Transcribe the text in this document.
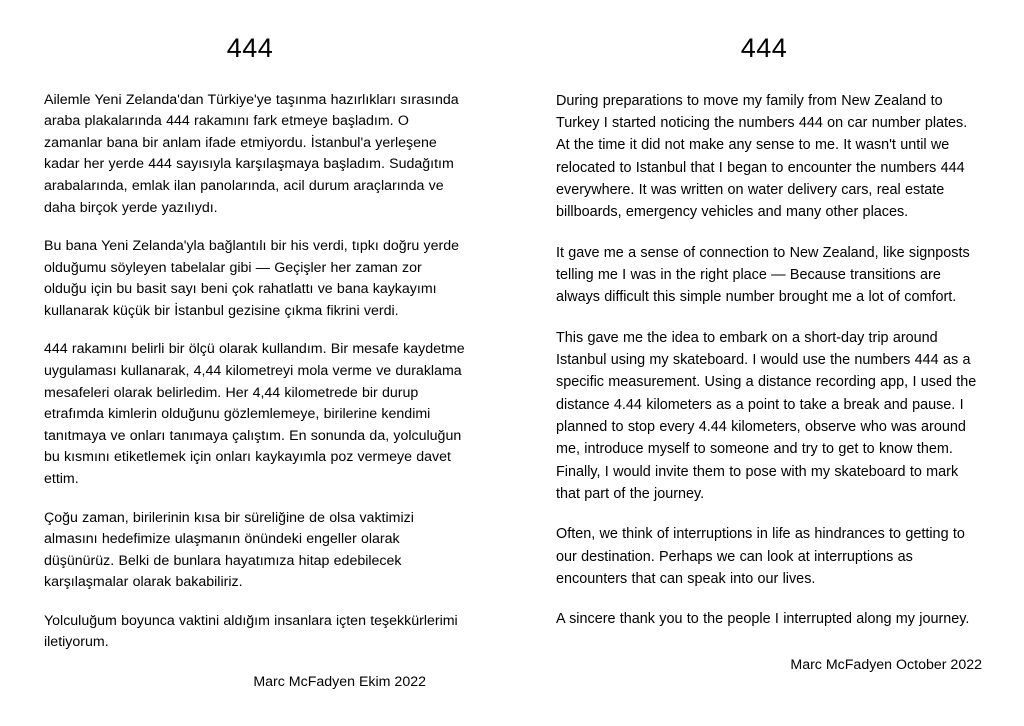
444

Ailemle Yeni Zelanda'dan Türkiye'ye taşınma hazırlıkları sırasında araba plakalarında 444 rakamını fark etmeye başladım. O zamanlar bana bir anlam ifade etmiyordu. İstanbul'a yerleşene kadar her yerde 444 sayısıyla karşılaşmaya başladım. Sudağıtım arabalarında, emlak ilan panolarında, acil durum araçlarında ve daha birçok yerde yazılıydı.

Bu bana Yeni Zelanda'yla bağlantılı bir his verdi, tıpkı doğru yerde olduğumu söyleyen tabelalar gibi — Geçişler her zaman zor olduğu için bu basit sayı beni çok rahatlattı ve bana kaykayımı kullanarak küçük bir İstanbul gezisine çıkma fikrini verdi.

444 rakamını belirli bir ölçü olarak kullandım. Bir mesafe kaydetme uygulaması kullanarak, 4,44 kilometreyi mola verme ve duraklama mesafeleri olarak belirledim. Her 4,44 kilometrede bir durup etrafımda kimlerin olduğunu gözlemlemeye, birilerine kendimi tanıtmaya ve onları tanımaya çalıştım. En sonunda da, yolculuğun bu kısmını etiketlemek için onları kaykayımla poz vermeye davet ettim.

Çoğu zaman, birilerinin kısa bir süreliğine de olsa vaktimizi almasını hedefimize ulaşmanın önündeki engeller olarak düşünürüz. Belki de bunlara hayatımıza hitap edebilecek karşılaşmalar olarak bakabiliriz.

Yolculuğum boyunca vaktini aldığım insanlara içten teşekkürlerimi iletiyorum.

Marc McFadyen Ekim 2022

444

During preparations to move my family from New Zealand to Turkey I started noticing the numbers 444 on car number plates. At the time it did not make any sense to me. It wasn't until we relocated to Istanbul that I began to encounter the numbers 444 everywhere. It was written on water delivery cars, real estate billboards, emergency vehicles and many other places.

It gave me a sense of connection to New Zealand, like signposts telling me I was in the right place — Because transitions are always difficult this simple number brought me a lot of comfort.

This gave me the idea to embark on a short-day trip around Istanbul using my skateboard. I would use the numbers 444 as a specific measurement. Using a distance recording app, I used the distance 4.44 kilometers as a point to take a break and pause. I planned to stop every 4.44 kilometers, observe who was around me, introduce myself to someone and try to get to know them. Finally, I would invite them to pose with my skateboard to mark that part of the journey.

Often, we think of interruptions in life as hindrances to getting to our destination. Perhaps we can look at interruptions as encounters that can speak into our lives.

A sincere thank you to the people I interrupted along my journey.

Marc McFadyen October 2022
